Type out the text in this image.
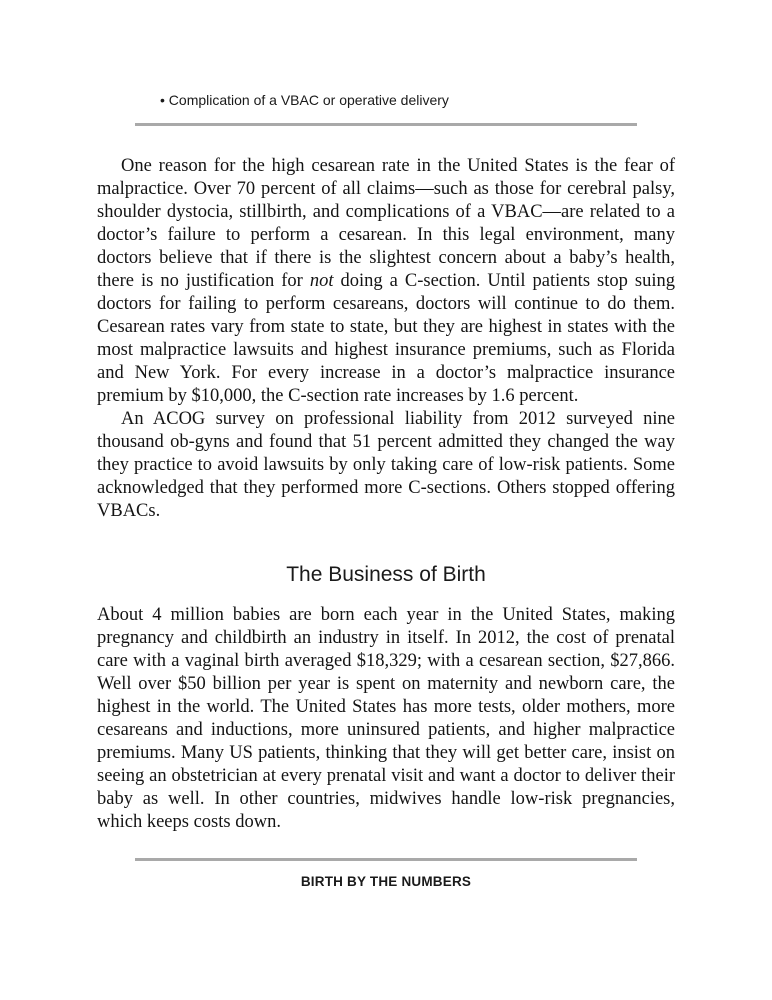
• Complication of a VBAC or operative delivery

One reason for the high cesarean rate in the United States is the fear of malpractice. Over 70 percent of all claims—such as those for cerebral palsy, shoulder dystocia, stillbirth, and complications of a VBAC—are related to a doctor’s failure to perform a cesarean. In this legal environment, many doctors believe that if there is the slightest concern about a baby’s health, there is no justification for not doing a C-section. Until patients stop suing doctors for failing to perform cesareans, doctors will continue to do them. Cesarean rates vary from state to state, but they are highest in states with the most malpractice lawsuits and highest insurance premiums, such as Florida and New York. For every increase in a doctor’s malpractice insurance premium by $10,000, the C-section rate increases by 1.6 percent.

An ACOG survey on professional liability from 2012 surveyed nine thousand ob-gyns and found that 51 percent admitted they changed the way they practice to avoid lawsuits by only taking care of low-risk patients. Some acknowledged that they performed more C-sections. Others stopped offering VBACs.

The Business of Birth

About 4 million babies are born each year in the United States, making pregnancy and childbirth an industry in itself. In 2012, the cost of prenatal care with a vaginal birth averaged $18,329; with a cesarean section, $27,866. Well over $50 billion per year is spent on maternity and newborn care, the highest in the world. The United States has more tests, older mothers, more cesareans and inductions, more uninsured patients, and higher malpractice premiums. Many US patients, thinking that they will get better care, insist on seeing an obstetrician at every prenatal visit and want a doctor to deliver their baby as well. In other countries, midwives handle low-risk pregnancies, which keeps costs down.

BIRTH BY THE NUMBERS
